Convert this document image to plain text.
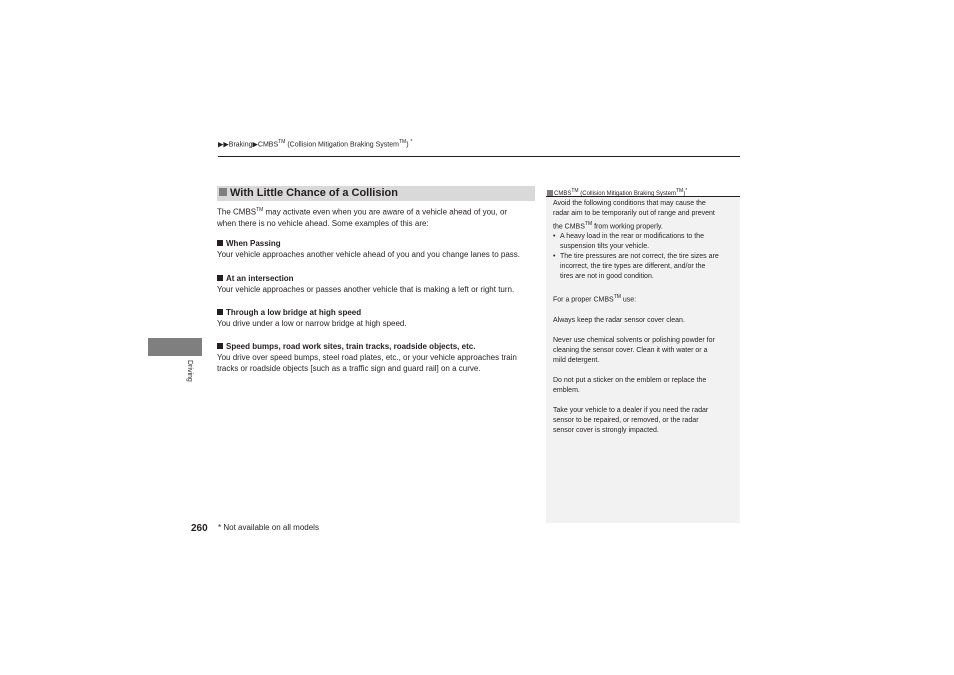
▶▶Braking▶CMBS™ (Collision Mitigation Braking System™) *
Driving
With Little Chance of a Collision
The CMBS™ may activate even when you are aware of a vehicle ahead of you, or
when there is no vehicle ahead. Some examples of this are:
When Passing
Your vehicle approaches another vehicle ahead of you and you change lanes to pass.
At an intersection
Your vehicle approaches or passes another vehicle that is making a left or right turn.
Through a low bridge at high speed
You drive under a low or narrow bridge at high speed.
Speed bumps, road work sites, train tracks, roadside objects, etc.
You drive over speed bumps, steel road plates, etc., or your vehicle approaches train
tracks or roadside objects [such as a traffic sign and guard rail] on a curve.
CMBS™ (Collision Mitigation Braking System™)*

Avoid the following conditions that may cause the

radar aim to be temporarily out of range and prevent

the CMBS™ from working properly.

• A heavy load in the rear or modifications to the

suspension tilts your vehicle.

• The tire pressures are not correct, the tire sizes are

incorrect, the tire types are different, and/or the

tires are not in good condition.

For a proper CMBS™ use:

Always keep the radar sensor cover clean.

Never use chemical solvents or polishing powder for

cleaning the sensor cover. Clean it with water or a

mild detergent.

Do not put a sticker on the emblem or replace the

emblem.

Take your vehicle to a dealer if you need the radar

sensor to be repaired, or removed, or the radar

sensor cover is strongly impacted.

260 * Not available on all models
